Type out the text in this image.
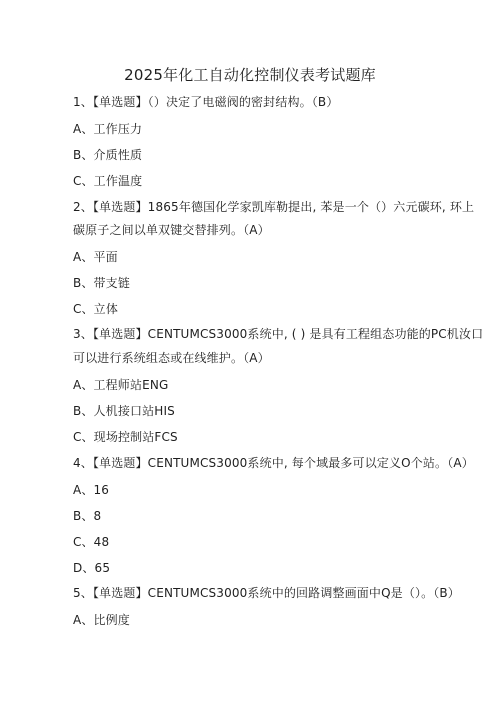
2025年化工自动化控制仪表考试题库
1、【单选题】（）决定了电磁阀的密封结构。（B）
A、工作压力
B、介质性质
C、工作温度
2、【单选题】1865年德国化学家凯库勒提出, 苯是一个（）六元碳环, 环上
碳原子之间以单双键交替排列。（A）
A、平面
B、带支链
C、立体
3、【单选题】CENTUMCS3000系统中, ( ) 是具有工程组态功能的PC机汝口
可以进行系统组态或在线维护。（A）
A、工程师站ENG
B、人机接口站HIS
C、现场控制站FCS
4、【单选题】CENTUMCS3000系统中, 每个域最多可以定义O个站。（A）
A、16
B、8
C、48
D、65
5、【单选题】CENTUMCS3000系统中的回路调整画面中Q是（）。（B）
A、比例度
